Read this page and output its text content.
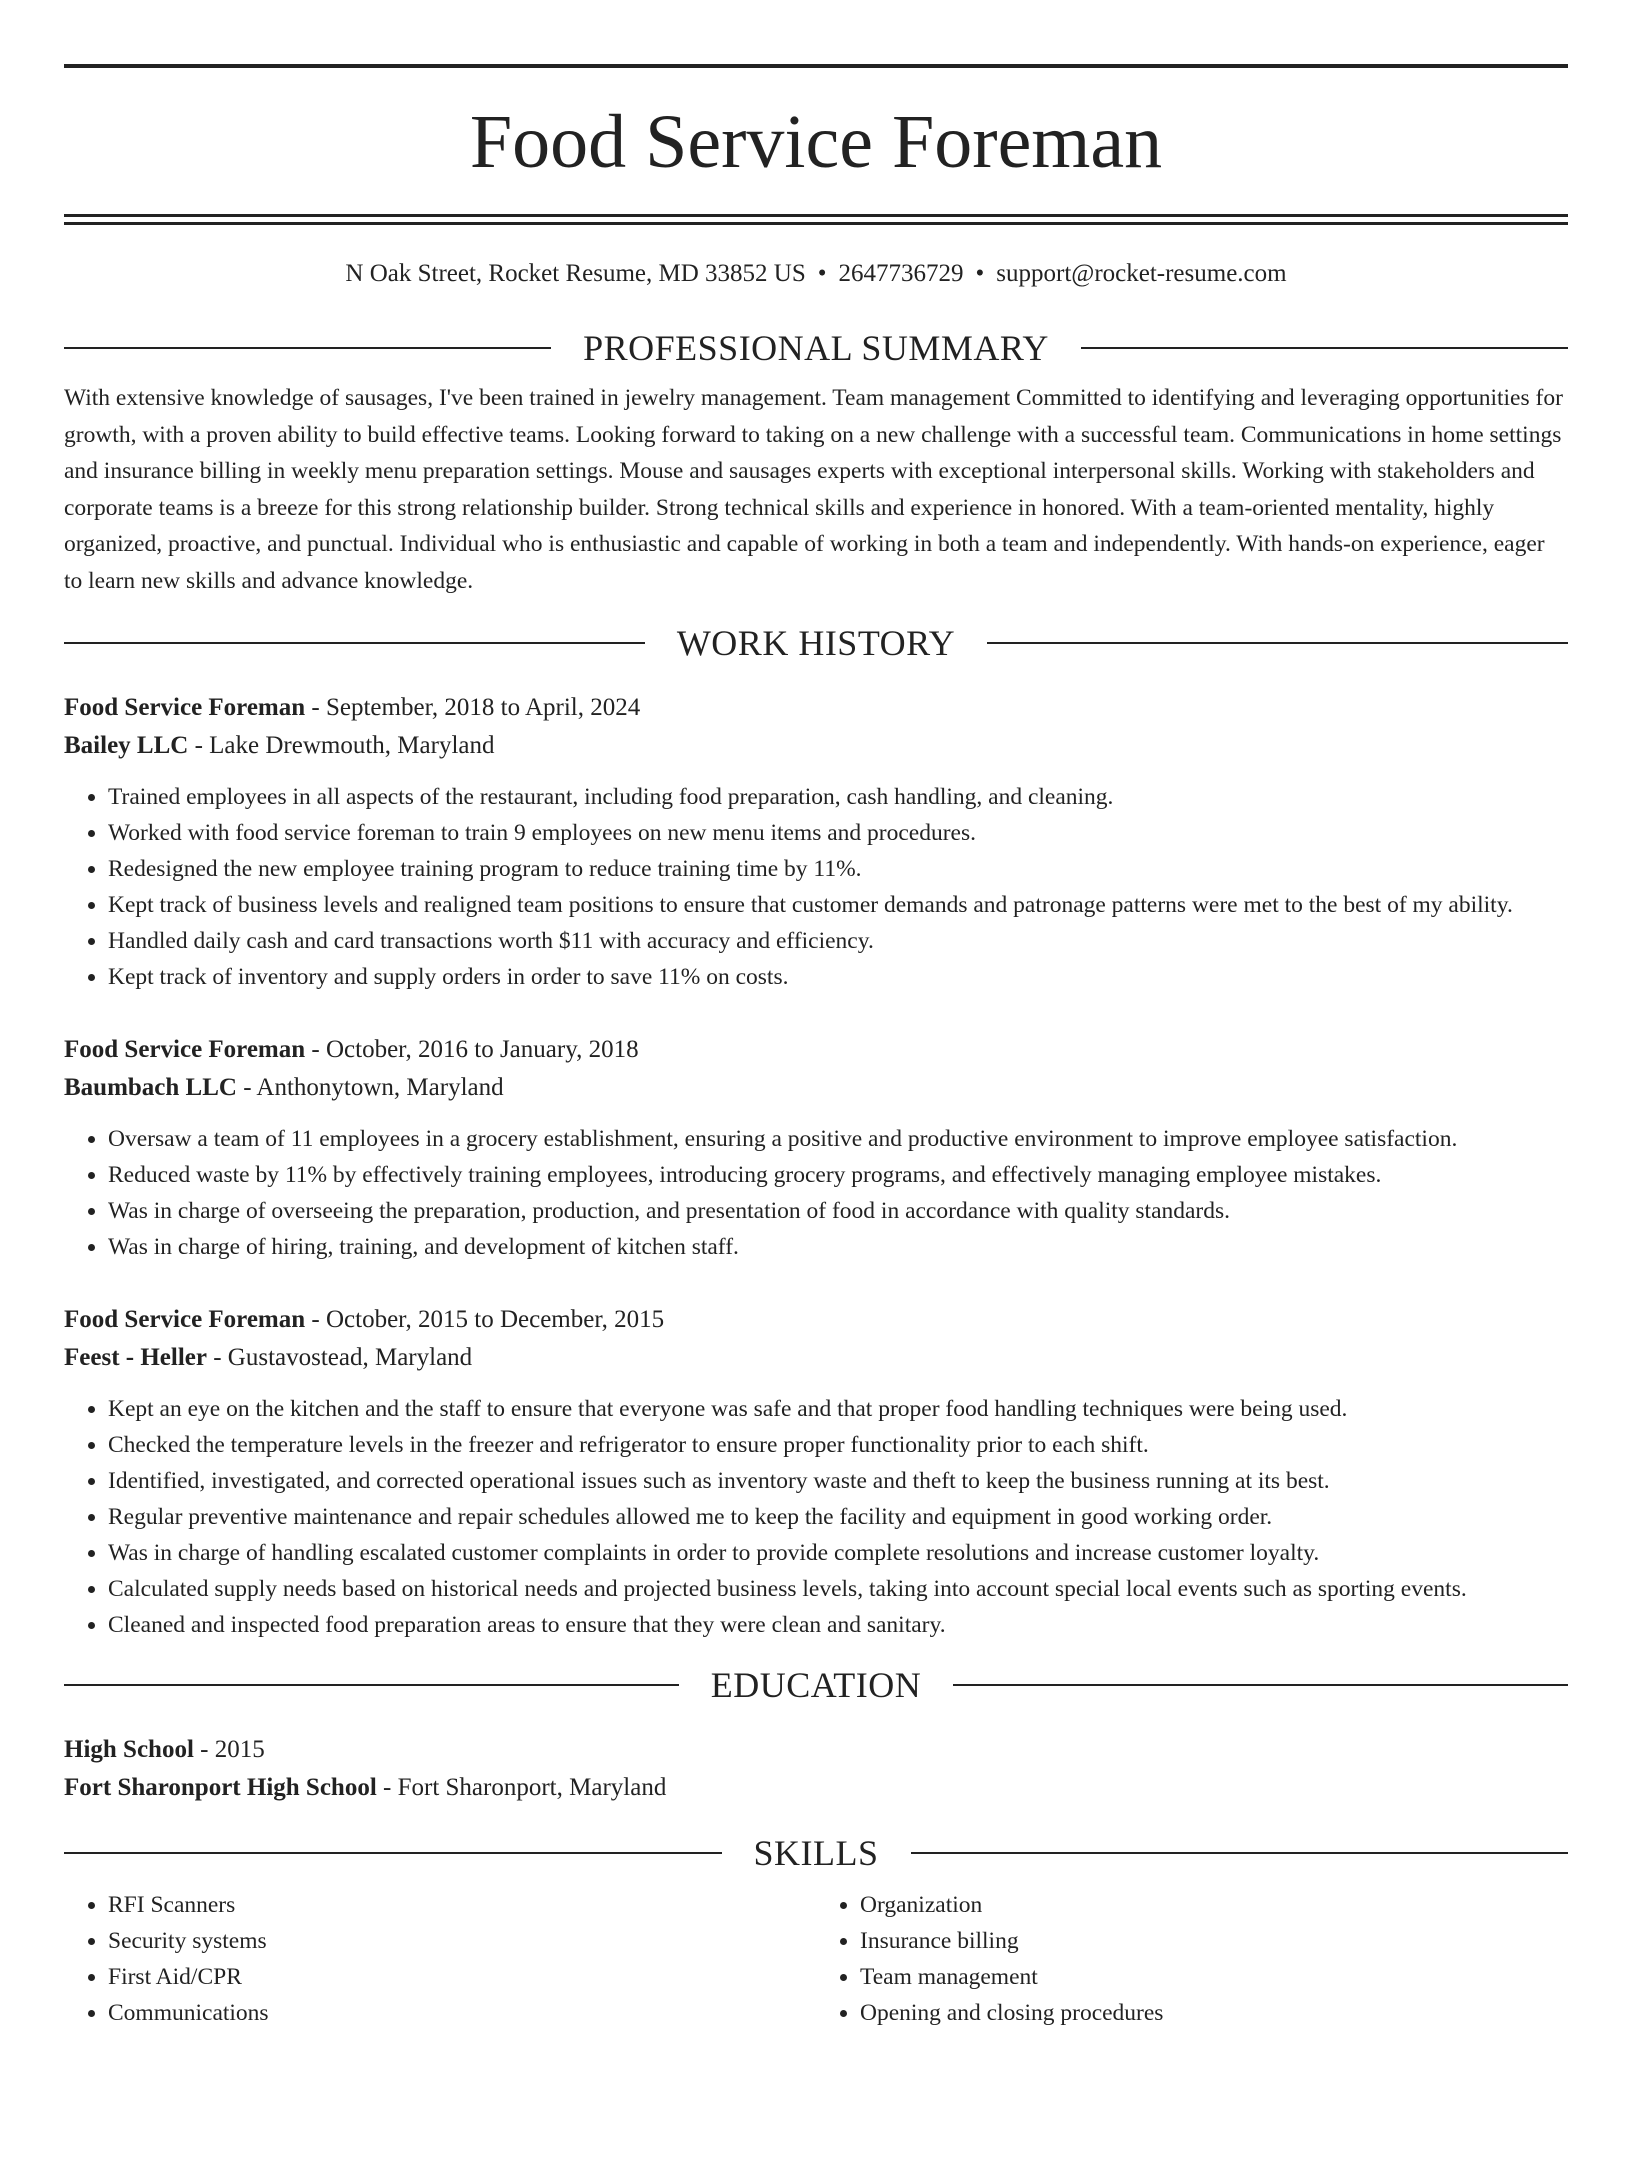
Food Service Foreman
N Oak Street, Rocket Resume, MD 33852 US • 2647736729 • support@rocket-resume.com
PROFESSIONAL SUMMARY

With extensive knowledge of sausages, I've been trained in jewelry management. Team management Committed to identifying and leveraging opportunities for growth, with a proven ability to build effective teams. Looking forward to taking on a new challenge with a successful team. Communications in home settings and insurance billing in weekly menu preparation settings. Mouse and sausages experts with exceptional interpersonal skills. Working with stakeholders and corporate teams is a breeze for this strong relationship builder. Strong technical skills and experience in honored. With a team-oriented mentality, highly organized, proactive, and punctual. Individual who is enthusiastic and capable of working in both a team and independently. With hands-on experience, eager to learn new skills and advance knowledge.

WORK HISTORY
Food Service Foreman - September, 2018 to April, 2024
Bailey LLC - Lake Drewmouth, Maryland
• Trained employees in all aspects of the restaurant, including food preparation, cash handling, and cleaning.
• Worked with food service foreman to train 9 employees on new menu items and procedures.
• Redesigned the new employee training program to reduce training time by 11%.
• Kept track of business levels and realigned team positions to ensure that customer demands and patronage patterns were met to the best of my ability.
• Handled daily cash and card transactions worth $11 with accuracy and efficiency.
• Kept track of inventory and supply orders in order to save 11% on costs.
Food Service Foreman - October, 2016 to January, 2018
Baumbach LLC - Anthonytown, Maryland
• Oversaw a team of 11 employees in a grocery establishment, ensuring a positive and productive environment to improve employee satisfaction.
• Reduced waste by 11% by effectively training employees, introducing grocery programs, and effectively managing employee mistakes.
• Was in charge of overseeing the preparation, production, and presentation of food in accordance with quality standards.
• Was in charge of hiring, training, and development of kitchen staff.
Food Service Foreman - October, 2015 to December, 2015
Feest - Heller - Gustavostead, Maryland
• Kept an eye on the kitchen and the staff to ensure that everyone was safe and that proper food handling techniques were being used.
• Checked the temperature levels in the freezer and refrigerator to ensure proper functionality prior to each shift.
• Identified, investigated, and corrected operational issues such as inventory waste and theft to keep the business running at its best.
• Regular preventive maintenance and repair schedules allowed me to keep the facility and equipment in good working order.
• Was in charge of handling escalated customer complaints in order to provide complete resolutions and increase customer loyalty.
• Calculated supply needs based on historical needs and projected business levels, taking into account special local events such as sporting events.
• Cleaned and inspected food preparation areas to ensure that they were clean and sanitary.
EDUCATION
High School - 2015
Fort Sharonport High School - Fort Sharonport, Maryland
SKILLS
• RFI Scanners
• Security systems
• First Aid/CPR
• Communications
• Organization
• Insurance billing
• Team management
• Opening and closing procedures
